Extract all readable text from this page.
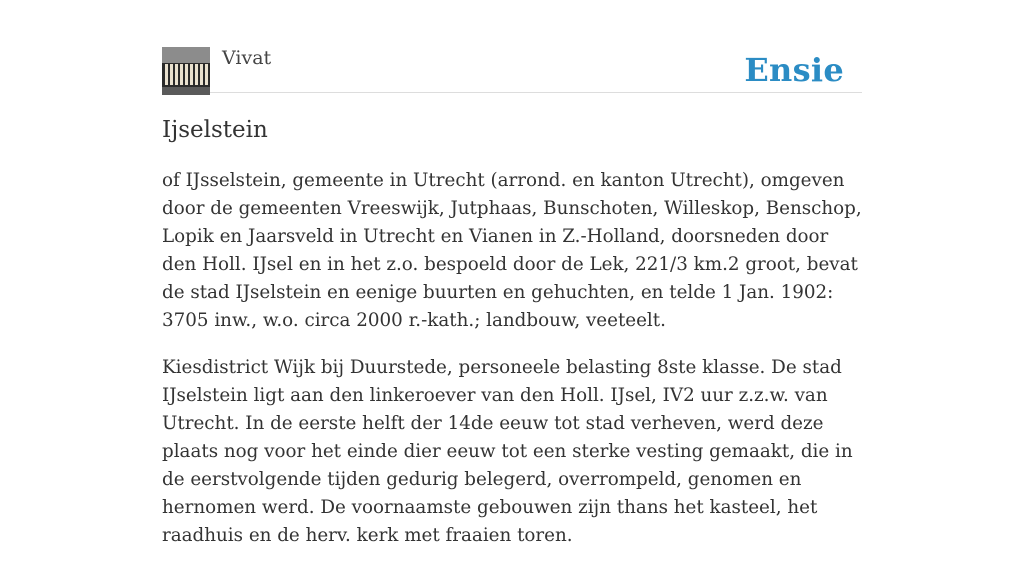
Vivat	Ensie
Ijselstein

of IJsselstein, gemeente in Utrecht (arrond. en kanton Utrecht), omgeven door de gemeenten Vreeswijk, Jutphaas, Bunschoten, Willeskop, Benschop, Lopik en Jaarsveld in Utrecht en Vianen in Z.-Holland, doorsneden door den Holl. IJsel en in het z.o. bespoeld door de Lek, 221/3 km.2 groot, bevat de stad IJselstein en eenige buurten en gehuchten, en telde 1 Jan. 1902: 3705 inw., w.o. circa 2000 r.-kath.; landbouw, veeteelt.

Kiesdistrict Wijk bij Duurstede, personeele belasting 8ste klasse. De stad IJselstein ligt aan den linkeroever van den Holl. IJsel, IV2 uur z.z.w. van Utrecht. In de eerste helft der 14de eeuw tot stad verheven, werd deze plaats nog voor het einde dier eeuw tot een sterke vesting gemaakt, die in de eerstvolgende tijden gedurig belegerd, overrompeld, genomen en hernomen werd. De voornaamste gebouwen zijn thans het kasteel, het raadhuis en de herv. kerk met fraaien toren.
